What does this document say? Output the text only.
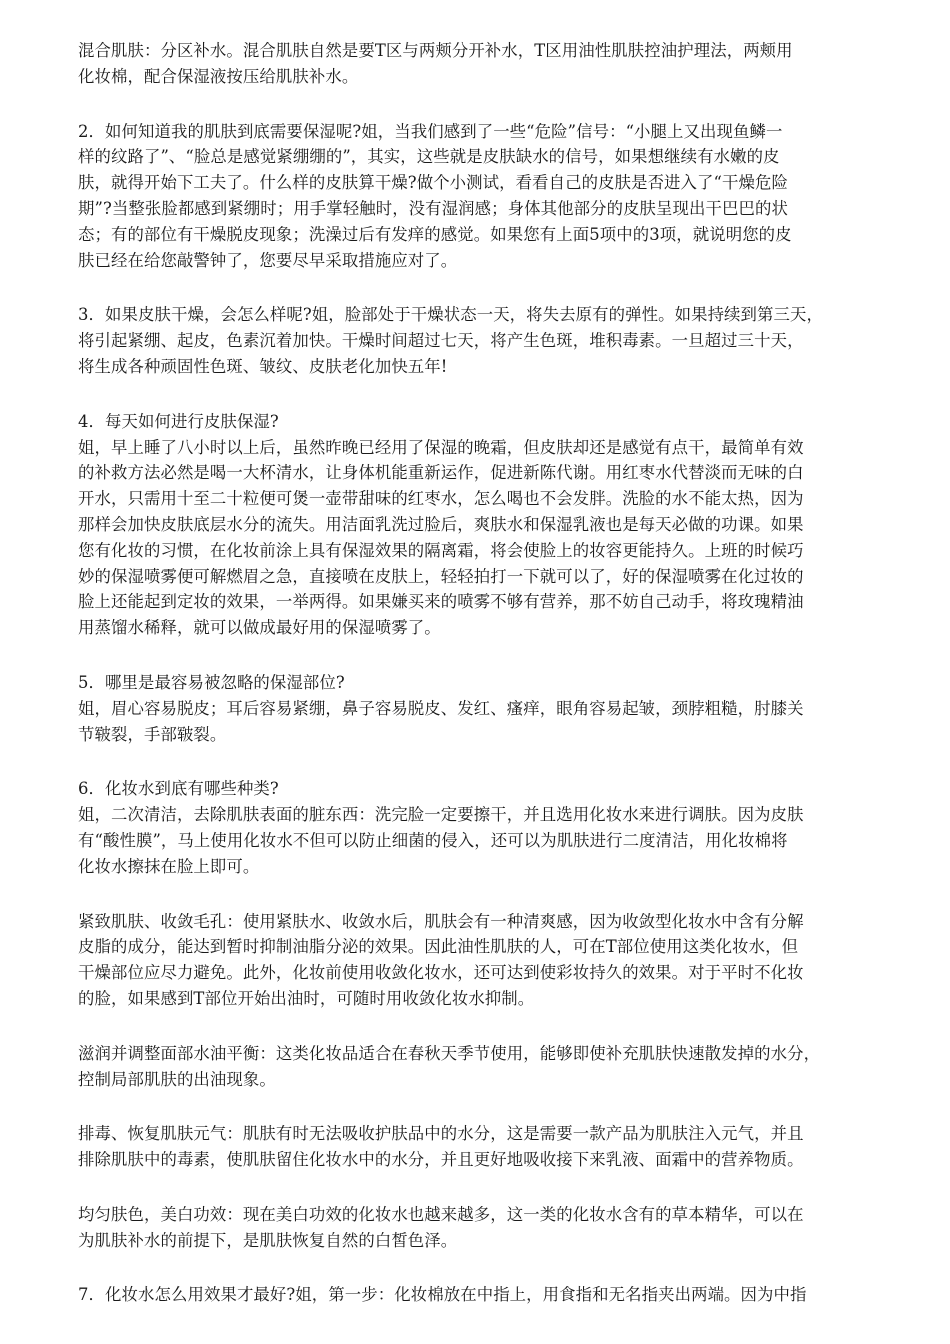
混合肌肤：分区补水。混合肌肤自然是要T区与两颊分开补水，T区用油性肌肤控油护理法，两颊用

化妆棉，配合保湿液按压给肌肤补水。

2．如何知道我的肌肤到底需要保湿呢?姐，当我们感到了一些“危险”信号：“小腿上又出现鱼鳞一

样的纹路了”、“脸总是感觉紧绷绷的”，其实，这些就是皮肤缺水的信号，如果想继续有水嫩的皮

肤，就得开始下工夫了。什么样的皮肤算干燥?做个小测试，看看自己的皮肤是否进入了“干燥危险

期”?当整张脸都感到紧绷时；用手掌轻触时，没有湿润感；身体其他部分的皮肤呈现出干巴巴的状

态；有的部位有干燥脱皮现象；洗澡过后有发痒的感觉。如果您有上面5项中的3项，就说明您的皮

肤已经在给您敲警钟了，您要尽早采取措施应对了。

3．如果皮肤干燥，会怎么样呢?姐，脸部处于干燥状态一天，将失去原有的弹性。如果持续到第三天，

将引起紧绷、起皮，色素沉着加快。干燥时间超过七天，将产生色斑，堆积毒素。一旦超过三十天，

将生成各种顽固性色斑、皱纹、皮肤老化加快五年!

4．每天如何进行皮肤保湿?

姐，早上睡了八小时以上后，虽然昨晚已经用了保湿的晚霜，但皮肤却还是感觉有点干，最简单有效

的补救方法必然是喝一大杯清水，让身体机能重新运作，促进新陈代谢。用红枣水代替淡而无味的白

开水，只需用十至二十粒便可煲一壶带甜味的红枣水，怎么喝也不会发胖。洗脸的水不能太热，因为

那样会加快皮肤底层水分的流失。用洁面乳洗过脸后，爽肤水和保湿乳液也是每天必做的功课。如果

您有化妆的习惯，在化妆前涂上具有保湿效果的隔离霜，将会使脸上的妆容更能持久。上班的时候巧

妙的保湿喷雾便可解燃眉之急，直接喷在皮肤上，轻轻拍打一下就可以了，好的保湿喷雾在化过妆的

脸上还能起到定妆的效果，一举两得。如果嫌买来的喷雾不够有营养，那不妨自己动手，将玫瑰精油

用蒸馏水稀释，就可以做成最好用的保湿喷雾了。

5．哪里是最容易被忽略的保湿部位?

姐，眉心容易脱皮；耳后容易紧绷，鼻子容易脱皮、发红、瘙痒，眼角容易起皱，颈脖粗糙，肘膝关

节皲裂，手部皲裂。

6．化妆水到底有哪些种类?

姐，二次清洁，去除肌肤表面的脏东西：洗完脸一定要擦干，并且选用化妆水来进行调肤。因为皮肤

有“酸性膜”，马上使用化妆水不但可以防止细菌的侵入，还可以为肌肤进行二度清洁，用化妆棉将

化妆水擦抹在脸上即可。

紧致肌肤、收敛毛孔：使用紧肤水、收敛水后，肌肤会有一种清爽感，因为收敛型化妆水中含有分解

皮脂的成分，能达到暂时抑制油脂分泌的效果。因此油性肌肤的人，可在T部位使用这类化妆水，但

干燥部位应尽力避免。此外，化妆前使用收敛化妆水，还可达到使彩妆持久的效果。对于平时不化妆

的脸，如果感到T部位开始出油时，可随时用收敛化妆水抑制。

滋润并调整面部水油平衡：这类化妆品适合在春秋天季节使用，能够即使补充肌肤快速散发掉的水分，

控制局部肌肤的出油现象。

排毒、恢复肌肤元气：肌肤有时无法吸收护肤品中的水分，这是需要一款产品为肌肤注入元气，并且

排除肌肤中的毒素，使肌肤留住化妆水中的水分，并且更好地吸收接下来乳液、面霜中的营养物质。

均匀肤色，美白功效：现在美白功效的化妆水也越来越多，这一类的化妆水含有的草本精华，可以在

为肌肤补水的前提下，是肌肤恢复自然的白皙色泽。

7．化妆水怎么用效果才最好?姐，第一步：化妆棉放在中指上，用食指和无名指夹出两端。因为中指
